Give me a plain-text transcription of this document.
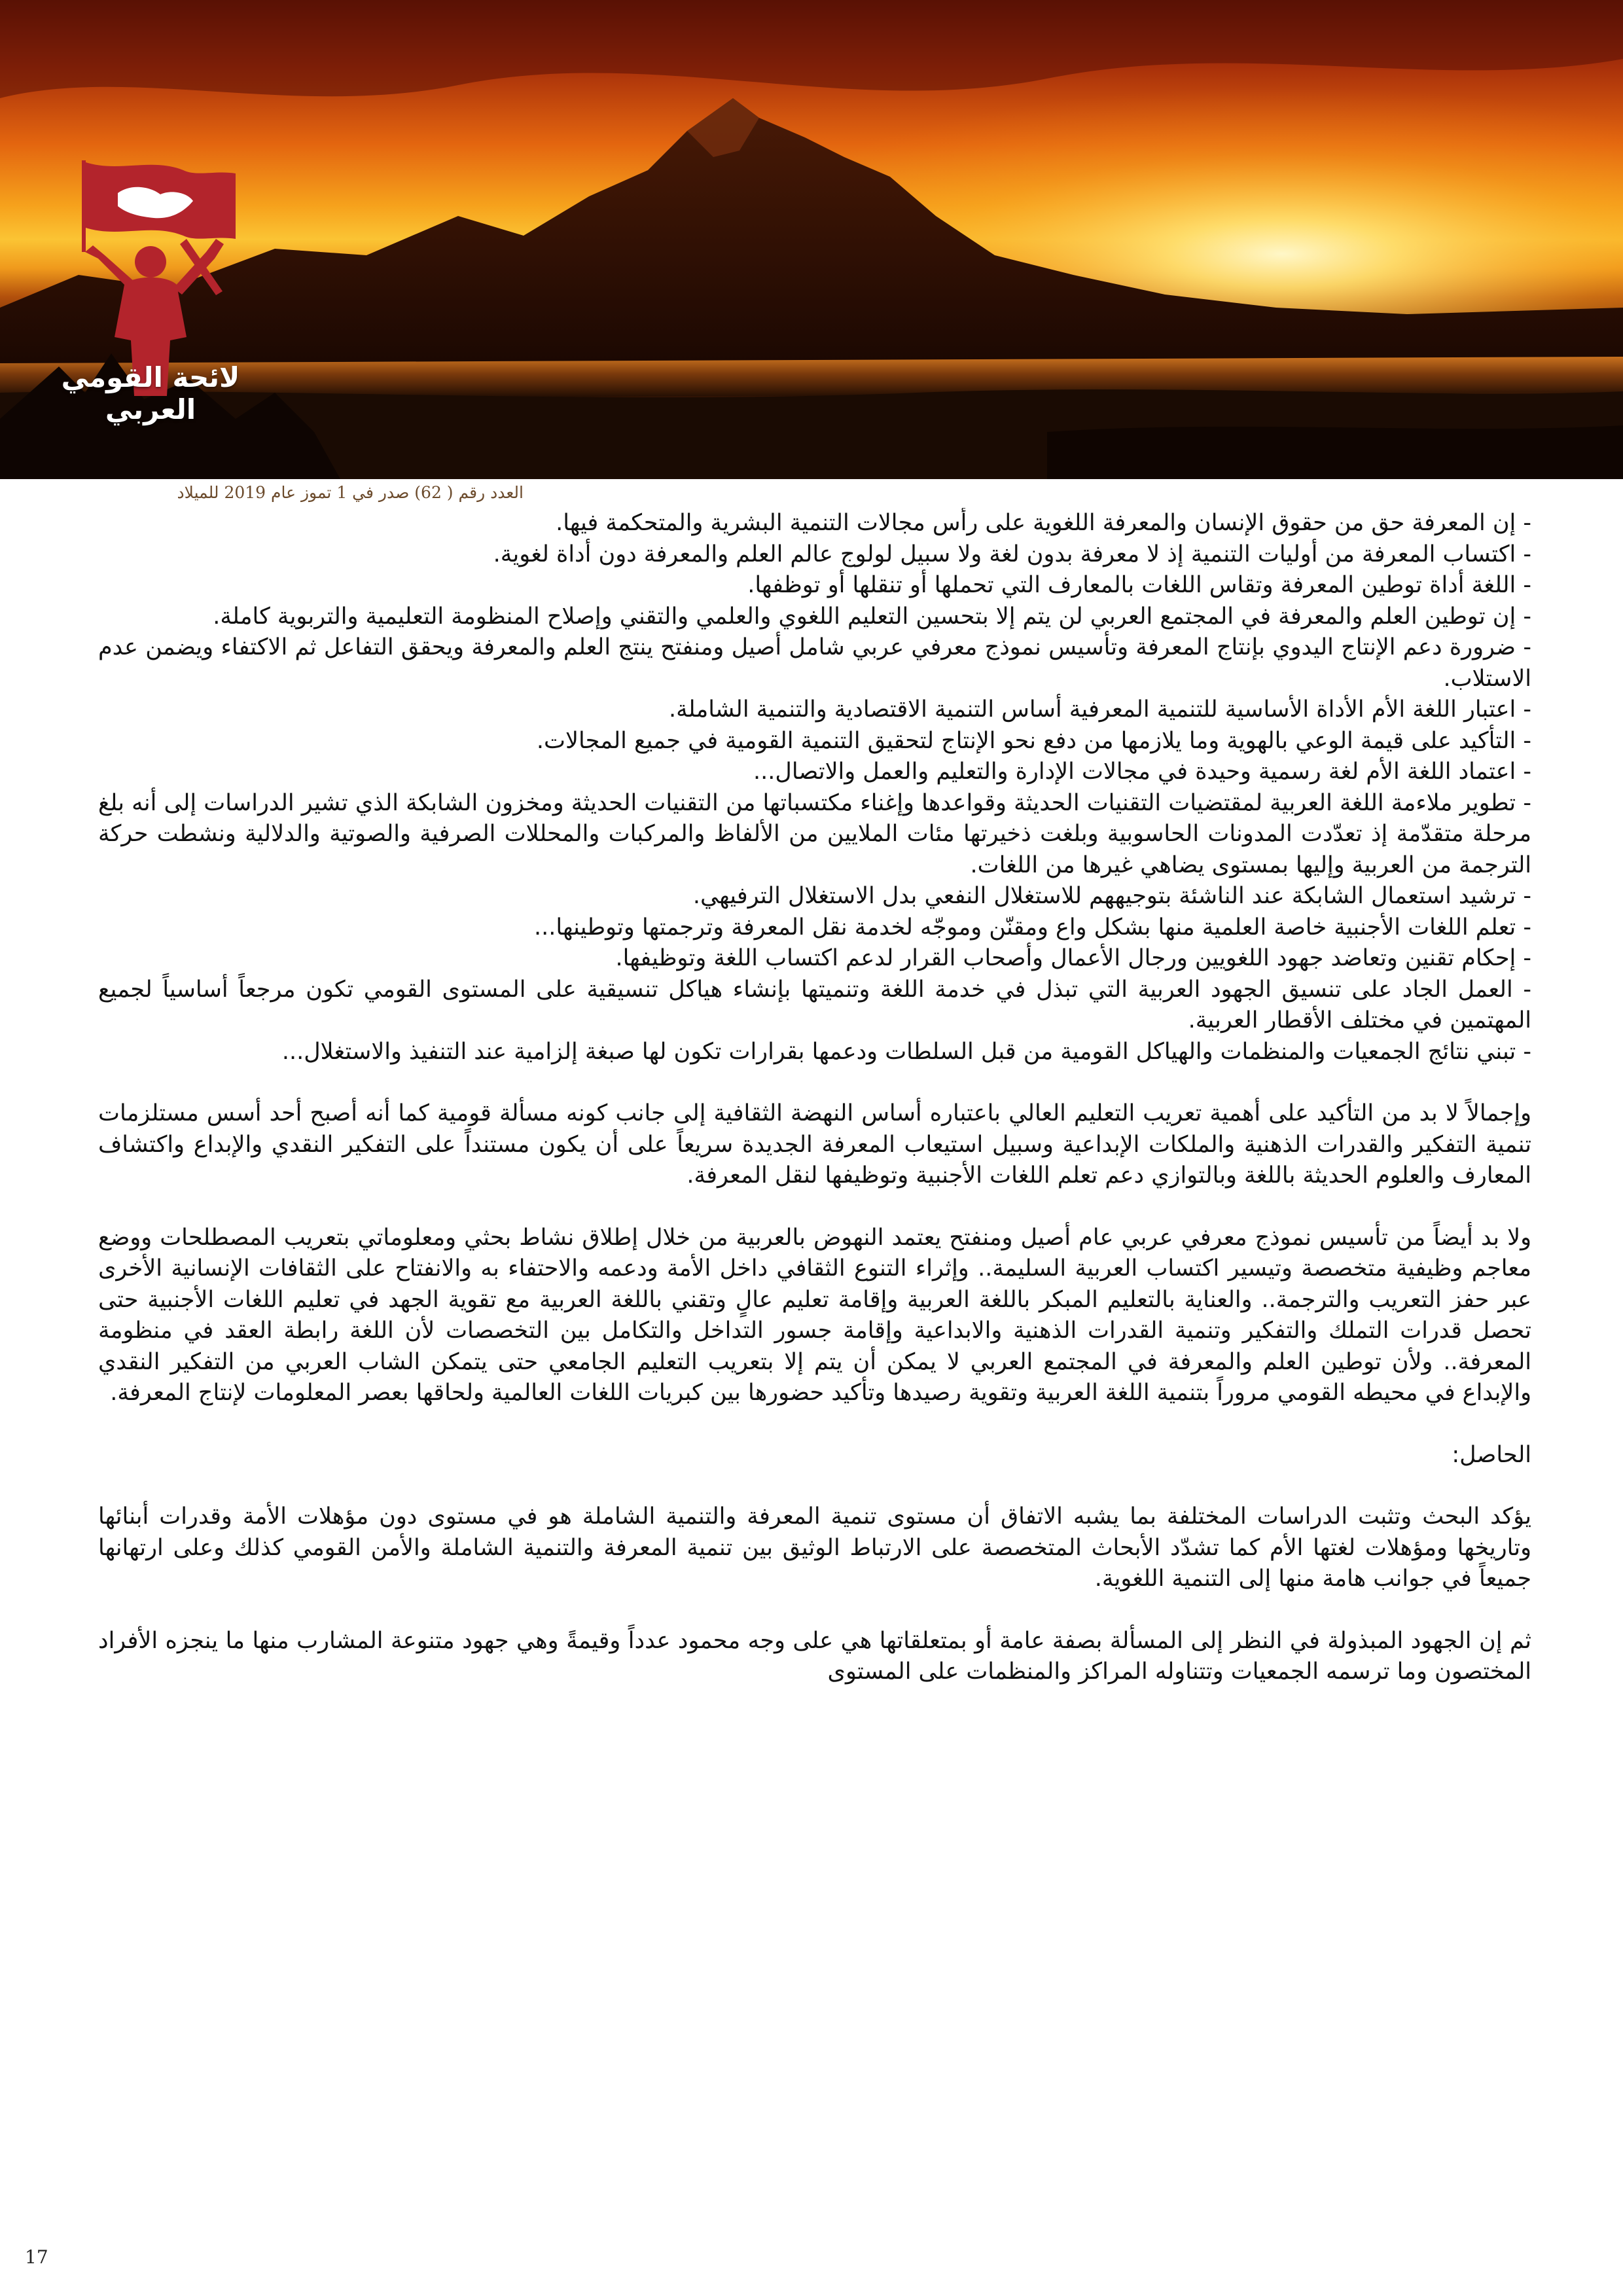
لائحة القومي العربي
العدد رقم ( 62) صدر في 1 تموز عام 2019 للميلاد

- إن المعرفة حق من حقوق الإنسان والمعرفة اللغوية على رأس مجالات التنمية البشرية والمتحكمة فيها.

- اكتساب المعرفة من أوليات التنمية إذ لا معرفة بدون لغة ولا سبيل لولوج عالم العلم والمعرفة دون أداة لغوية.

- اللغة أداة توطين المعرفة وتقاس اللغات بالمعارف التي تحملها أو تنقلها أو توظفها.

- إن توطين العلم والمعرفة في المجتمع العربي لن يتم إلا بتحسين التعليم اللغوي والعلمي والتقني وإصلاح المنظومة التعليمية والتربوية كاملة.

- ضرورة دعم الإنتاج اليدوي بإنتاج المعرفة وتأسيس نموذج معرفي عربي شامل أصيل ومنفتح ينتج العلم والمعرفة ويحقق التفاعل ثم الاكتفاء ويضمن عدم الاستلاب.

- اعتبار اللغة الأم الأداة الأساسية للتنمية المعرفية أساس التنمية الاقتصادية والتنمية الشاملة.

- التأكيد على قيمة الوعي بالهوية وما يلازمها من دفع نحو الإنتاج لتحقيق التنمية القومية في جميع المجالات.

- اعتماد اللغة الأم لغة رسمية وحيدة في مجالات الإدارة والتعليم والعمل والاتصال...

- تطوير ملاءمة اللغة العربية لمقتضيات التقنيات الحديثة وقواعدها وإغناء مكتسباتها من التقنيات الحديثة ومخزون الشابكة الذي تشير الدراسات إلى أنه بلغ مرحلة متقدّمة إذ تعدّدت المدونات الحاسوبية وبلغت ذخيرتها مئات الملايين من الألفاظ والمركبات والمحللات الصرفية والصوتية والدلالية ونشطت حركة الترجمة من العربية وإليها بمستوى يضاهي غيرها من اللغات.

- ترشيد استعمال الشابكة عند الناشئة بتوجيههم للاستغلال النفعي بدل الاستغلال الترفيهي.

- تعلم اللغات الأجنبية خاصة العلمية منها بشكل واع ومقنّن وموجّه لخدمة نقل المعرفة وترجمتها وتوطينها...

- إحكام تقنين وتعاضد جهود اللغويين ورجال الأعمال وأصحاب القرار لدعم اكتساب اللغة وتوظيفها.

- العمل الجاد على تنسيق الجهود العربية التي تبذل في خدمة اللغة وتنميتها بإنشاء هياكل تنسيقية على المستوى القومي تكون مرجعاً أساسياً لجميع المهتمين في مختلف الأقطار العربية.

- تبني نتائج الجمعيات والمنظمات والهياكل القومية من قبل السلطات ودعمها بقرارات تكون لها صبغة إلزامية عند التنفيذ والاستغلال...

وإجمالاً لا بد من التأكيد على أهمية تعريب التعليم العالي باعتباره أساس النهضة الثقافية إلى جانب كونه مسألة قومية كما أنه أصبح أحد أسس مستلزمات تنمية التفكير والقدرات الذهنية والملكات الإبداعية وسبيل استيعاب المعرفة الجديدة سريعاً على أن يكون مستنداً على التفكير النقدي والإبداع واكتشاف المعارف والعلوم الحديثة باللغة وبالتوازي دعم تعلم اللغات الأجنبية وتوظيفها لنقل المعرفة.

ولا بد أيضاً من تأسيس نموذج معرفي عربي عام أصيل ومنفتح يعتمد النهوض بالعربية من خلال إطلاق نشاط بحثي ومعلوماتي بتعريب المصطلحات ووضع معاجم وظيفية متخصصة وتيسير اكتساب العربية السليمة.. وإثراء التنوع الثقافي داخل الأمة ودعمه والاحتفاء به والانفتاح على الثقافات الإنسانية الأخرى عبر حفز التعريب والترجمة.. والعناية بالتعليم المبكر باللغة العربية وإقامة تعليم عالٍ وتقني باللغة العربية مع تقوية الجهد في تعليم اللغات الأجنبية حتى تحصل قدرات التملك والتفكير وتنمية القدرات الذهنية والابداعية وإقامة جسور التداخل والتكامل بين التخصصات لأن اللغة رابطة العقد في منظومة المعرفة.. ولأن توطين العلم والمعرفة في المجتمع العربي لا يمكن أن يتم إلا بتعريب التعليم الجامعي حتى يتمكن الشاب العربي من التفكير النقدي والإبداع في محيطه القومي مروراً بتنمية اللغة العربية وتقوية رصيدها وتأكيد حضورها بين كبريات اللغات العالمية ولحاقها بعصر المعلومات لإنتاج المعرفة.

الحاصل:

يؤكد البحث وتثبت الدراسات المختلفة بما يشبه الاتفاق أن مستوى تنمية المعرفة والتنمية الشاملة هو في مستوى دون مؤهلات الأمة وقدرات أبنائها وتاريخها ومؤهلات لغتها الأم كما تشدّد الأبحاث المتخصصة على الارتباط الوثيق بين تنمية المعرفة والتنمية الشاملة والأمن القومي كذلك وعلى ارتهانها جميعاً في جوانب هامة منها إلى التنمية اللغوية.

ثم إن الجهود المبذولة في النظر إلى المسألة بصفة عامة أو بمتعلقاتها هي على وجه محمود عدداً وقيمةً وهي جهود متنوعة المشارب منها ما ينجزه الأفراد المختصون وما ترسمه الجمعيات وتتناوله المراكز والمنظمات على المستوى

17
